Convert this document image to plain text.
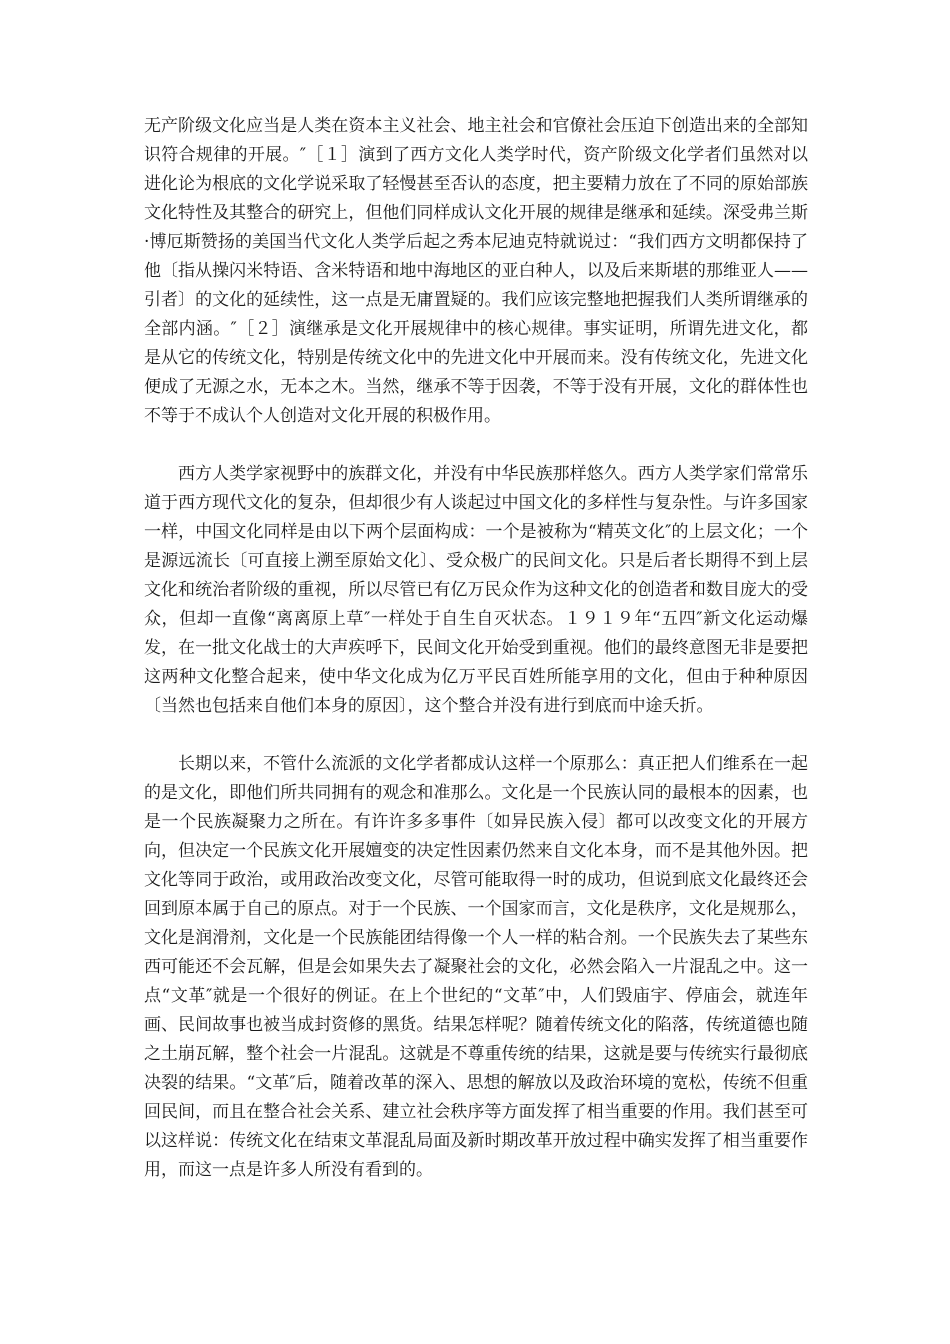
无产阶级文化应当是人类在资本主义社会、地主社会和官僚社会压迫下创造出来的全部知识符合规律的开展。″［１］演到了西方文化人类学时代，资产阶级文化学者们虽然对以进化论为根底的文化学说采取了轻慢甚至否认的态度，把主要精力放在了不同的原始部族文化特性及其整合的研究上，但他们同样成认文化开展的规律是继承和延续。深受弗兰斯·博厄斯赞扬的美国当代文化人类学后起之秀本尼迪克特就说过：“我们西方文明都保持了他〔指从操闪米特语、含米特语和地中海地区的亚白种人，以及后来斯堪的那维亚人——引者〕的文化的延续性，这一点是无庸置疑的。我们应该完整地把握我们人类所谓继承的全部内涵。″［２］演继承是文化开展规律中的核心规律。事实证明，所谓先进文化，都是从它的传统文化，特别是传统文化中的先进文化中开展而来。没有传统文化，先进文化便成了无源之水，无本之木。当然，继承不等于因袭，不等于没有开展，文化的群体性也不等于不成认个人创造对文化开展的积极作用。

西方人类学家视野中的族群文化，并没有中华民族那样悠久。西方人类学家们常常乐道于西方现代文化的复杂，但却很少有人谈起过中国文化的多样性与复杂性。与许多国家一样，中国文化同样是由以下两个层面构成：一个是被称为“精英文化″的上层文化；一个是源远流长〔可直接上溯至原始文化〕、受众极广的民间文化。只是后者长期得不到上层文化和统治者阶级的重视，所以尽管已有亿万民众作为这种文化的创造者和数目庞大的受众，但却一直像“离离原上草″一样处于自生自灭状态。１９１９年“五四″新文化运动爆发，在一批文化战士的大声疾呼下，民间文化开始受到重视。他们的最终意图无非是要把这两种文化整合起来，使中华文化成为亿万平民百姓所能享用的文化，但由于种种原因〔当然也包括来自他们本身的原因〕，这个整合并没有进行到底而中途夭折。

长期以来，不管什么流派的文化学者都成认这样一个原那么：真正把人们维系在一起的是文化，即他们所共同拥有的观念和准那么。文化是一个民族认同的最根本的因素，也是一个民族凝聚力之所在。有许许多多事件〔如异民族入侵〕都可以改变文化的开展方向，但决定一个民族文化开展嬗变的决定性因素仍然来自文化本身，而不是其他外因。把文化等同于政治，或用政治改变文化，尽管可能取得一时的成功，但说到底文化最终还会回到原本属于自己的原点。对于一个民族、一个国家而言，文化是秩序，文化是规那么，文化是润滑剂，文化是一个民族能团结得像一个人一样的粘合剂。一个民族失去了某些东西可能还不会瓦解，但是会如果失去了凝聚社会的文化，必然会陷入一片混乱之中。这一点“文革″就是一个很好的例证。在上个世纪的“文革″中，人们毁庙宇、停庙会，就连年画、民间故事也被当成封资修的黑货。结果怎样呢？随着传统文化的陷落，传统道德也随之土崩瓦解，整个社会一片混乱。这就是不尊重传统的结果，这就是要与传统实行最彻底决裂的结果。“文革″后，随着改革的深入、思想的解放以及政治环境的宽松，传统不但重回民间，而且在整合社会关系、建立社会秩序等方面发挥了相当重要的作用。我们甚至可以这样说：传统文化在结束文革混乱局面及新时期改革开放过程中确实发挥了相当重要作用，而这一点是许多人所没有看到的。
